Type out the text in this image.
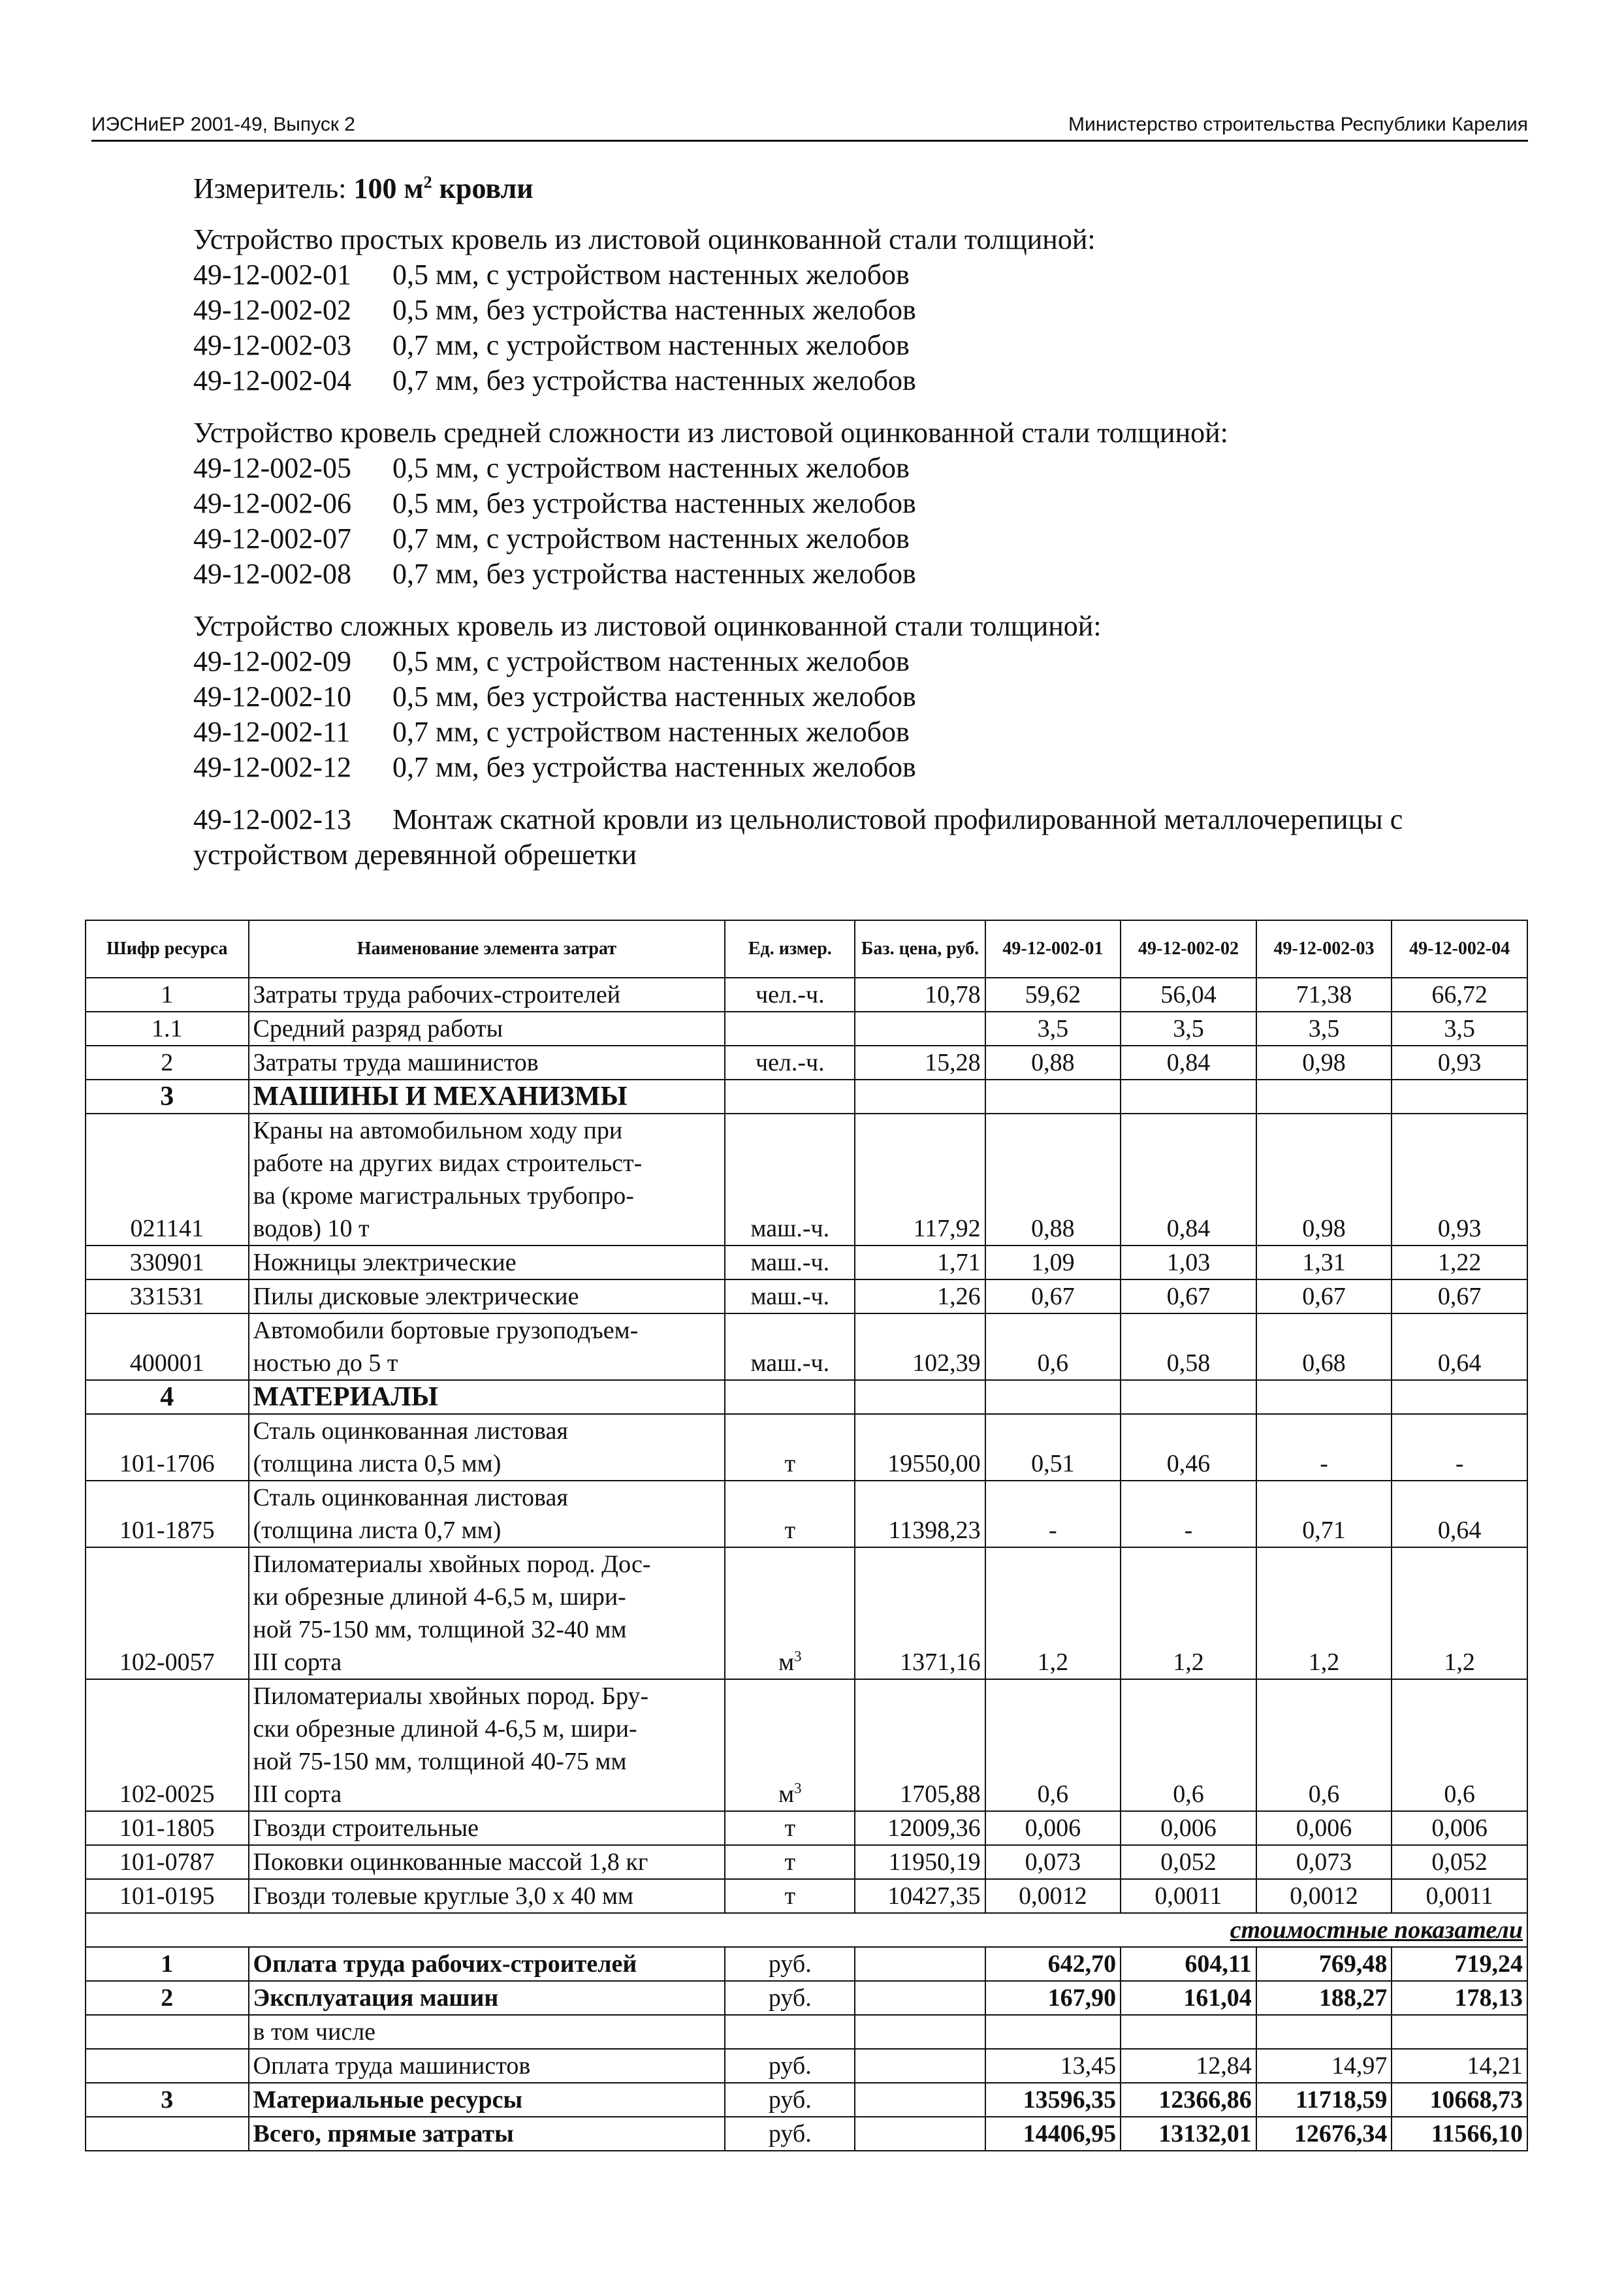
ИЭСНиЕР 2001-49, Выпуск 2	Министерство строительства Республики Карелия
Измеритель: 100 $м^2$ кровли
Устройство простых кровель из листовой оцинкованной стали толщиной:
49-12-002-01	0,5 мм, с устройством настенных желобов
49-12-002-02	0,5 мм, без устройства настенных желобов
49-12-002-03	0,7 мм, с устройством настенных желобов
49-12-002-04	0,7 мм, без устройства настенных желобов
Устройство кровель средней сложности из листовой оцинкованной стали толщиной:
49-12-002-05	0,5 мм, с устройством настенных желобов
49-12-002-06	0,5 мм, без устройства настенных желобов
49-12-002-07	0,7 мм, с устройством настенных желобов
49-12-002-08	0,7 мм, без устройства настенных желобов
Устройство сложных кровель из листовой оцинкованной стали толщиной:
49-12-002-09	0,5 мм, с устройством настенных желобов
49-12-002-10	0,5 мм, без устройства настенных желобов
49-12-002-11	0,7 мм, с устройством настенных желобов
49-12-002-12	0,7 мм, без устройства настенных желобов
49-12-002-13	Монтаж скатной кровли из цельнолистовой профилированной металлочерепицы с
устройством деревянной обрешетки
Шифр ресурса	Наименование элемента затрат	Ед. измер.	Баз. цена, руб.	49-12-002-01	49-12-002-02	49-12-002-03	49-12-002-04
1	Затраты труда рабочих-строителей	чел.-ч.	10,78	59,62	56,04	71,38	66,72
1.1	Средний разряд работы			3,5	3,5	3,5	3,5
2	Затраты труда машинистов	чел.-ч.	15,28	0,88	0,84	0,98	0,93
3	МАШИНЫ И МЕХАНИЗМЫ						
021141	Краны на автомобильном ходу при
работе на других видах строительст-
ва (кроме магистральных трубопро-
водов) 10 т	маш.-ч.	117,92	0,88	0,84	0,98	0,93
330901	Ножницы электрические	маш.-ч.	1,71	1,09	1,03	1,31	1,22
331531	Пилы дисковые электрические	маш.-ч.	1,26	0,67	0,67	0,67	0,67
400001	Автомобили бортовые грузоподъем-
ностью до 5 т	маш.-ч.	102,39	0,6	0,58	0,68	0,64
4	МАТЕРИАЛЫ						
101-1706	Сталь оцинкованная листовая
(толщина листа 0,5 мм)	т	19550,00	0,51	0,46	-	-
101-1875	Сталь оцинкованная листовая
(толщина листа 0,7 мм)	т	11398,23	-	-	0,71	0,64
102-0057	Пиломатериалы хвойных пород. Дос-
ки обрезные длиной 4-6,5 м, шири-
ной 75-150 мм, толщиной 32-40 мм
III сорта	$м^3$	1371,16	1,2	1,2	1,2	1,2
102-0025	Пиломатериалы хвойных пород. Бру-
ски обрезные длиной 4-6,5 м, шири-
ной 75-150 мм, толщиной 40-75 мм
III сорта	$м^3$	1705,88	0,6	0,6	0,6	0,6
101-1805	Гвозди строительные	т	12009,36	0,006	0,006	0,006	0,006
101-0787	Поковки оцинкованные массой 1,8 кг	т	11950,19	0,073	0,052	0,073	0,052
101-0195	Гвозди толевые круглые 3,0 х 40 мм	т	10427,35	0,0012	0,0011	0,0012	0,0011
стоимостные показатели							
1	Оплата труда рабочих-строителей	руб.		642,70	604,11	769,48	719,24
2	Эксплуатация машин	руб.		167,90	161,04	188,27	178,13
	в том числе						
	Оплата труда машинистов	руб.		13,45	12,84	14,97	14,21
3	Материальные ресурсы	руб.		13596,35	12366,86	11718,59	10668,73
	Всего, прямые затраты	руб.		14406,95	13132,01	12676,34	11566,10
